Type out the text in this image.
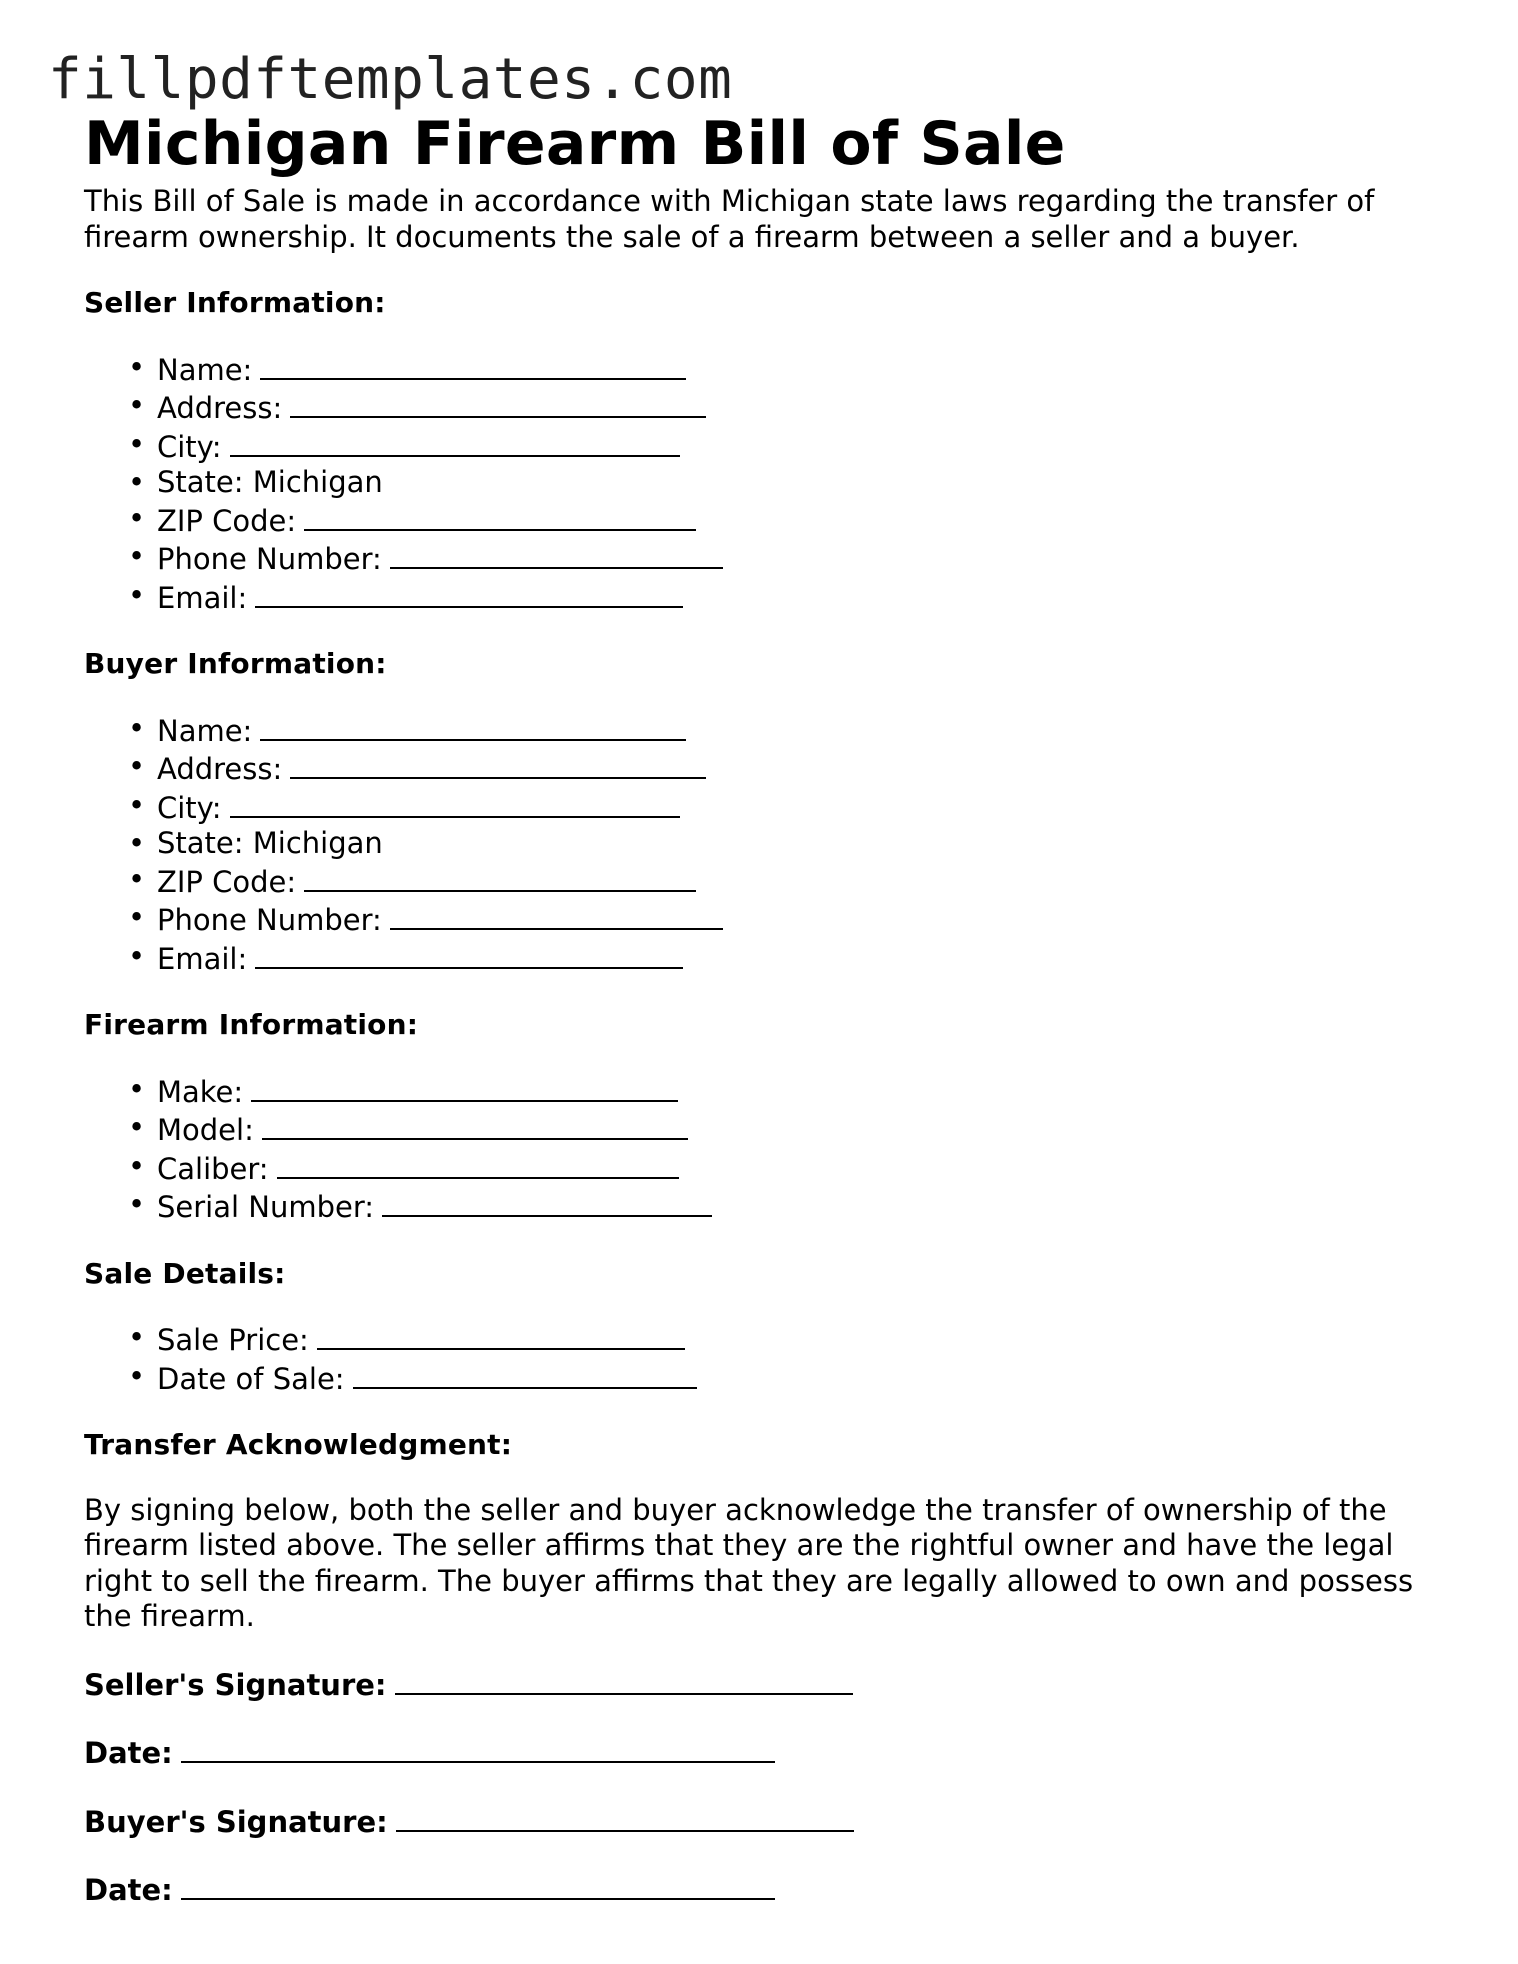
fillpdftemplates.com
Michigan Firearm Bill of Sale

This Bill of Sale is made in accordance with Michigan state laws regarding the transfer of firearm ownership. It documents the sale of a firearm between a seller and a buyer.

Seller Information:
• Name:
• Address:
• City:
• State: Michigan
• ZIP Code:
• Phone Number:
• Email:
Buyer Information:
• Name:
• Address:
• City:
• State: Michigan
• ZIP Code:
• Phone Number:
• Email:
Firearm Information:
• Make:
• Model:
• Caliber:
• Serial Number:
Sale Details:
• Sale Price:
• Date of Sale:
Transfer Acknowledgment:

By signing below, both the seller and buyer acknowledge the transfer of ownership of the firearm listed above. The seller affirms that they are the rightful owner and have the legal right to sell the firearm. The buyer affirms that they are legally allowed to own and possess the firearm.

Seller's Signature:
Date:
Buyer's Signature:
Date:
